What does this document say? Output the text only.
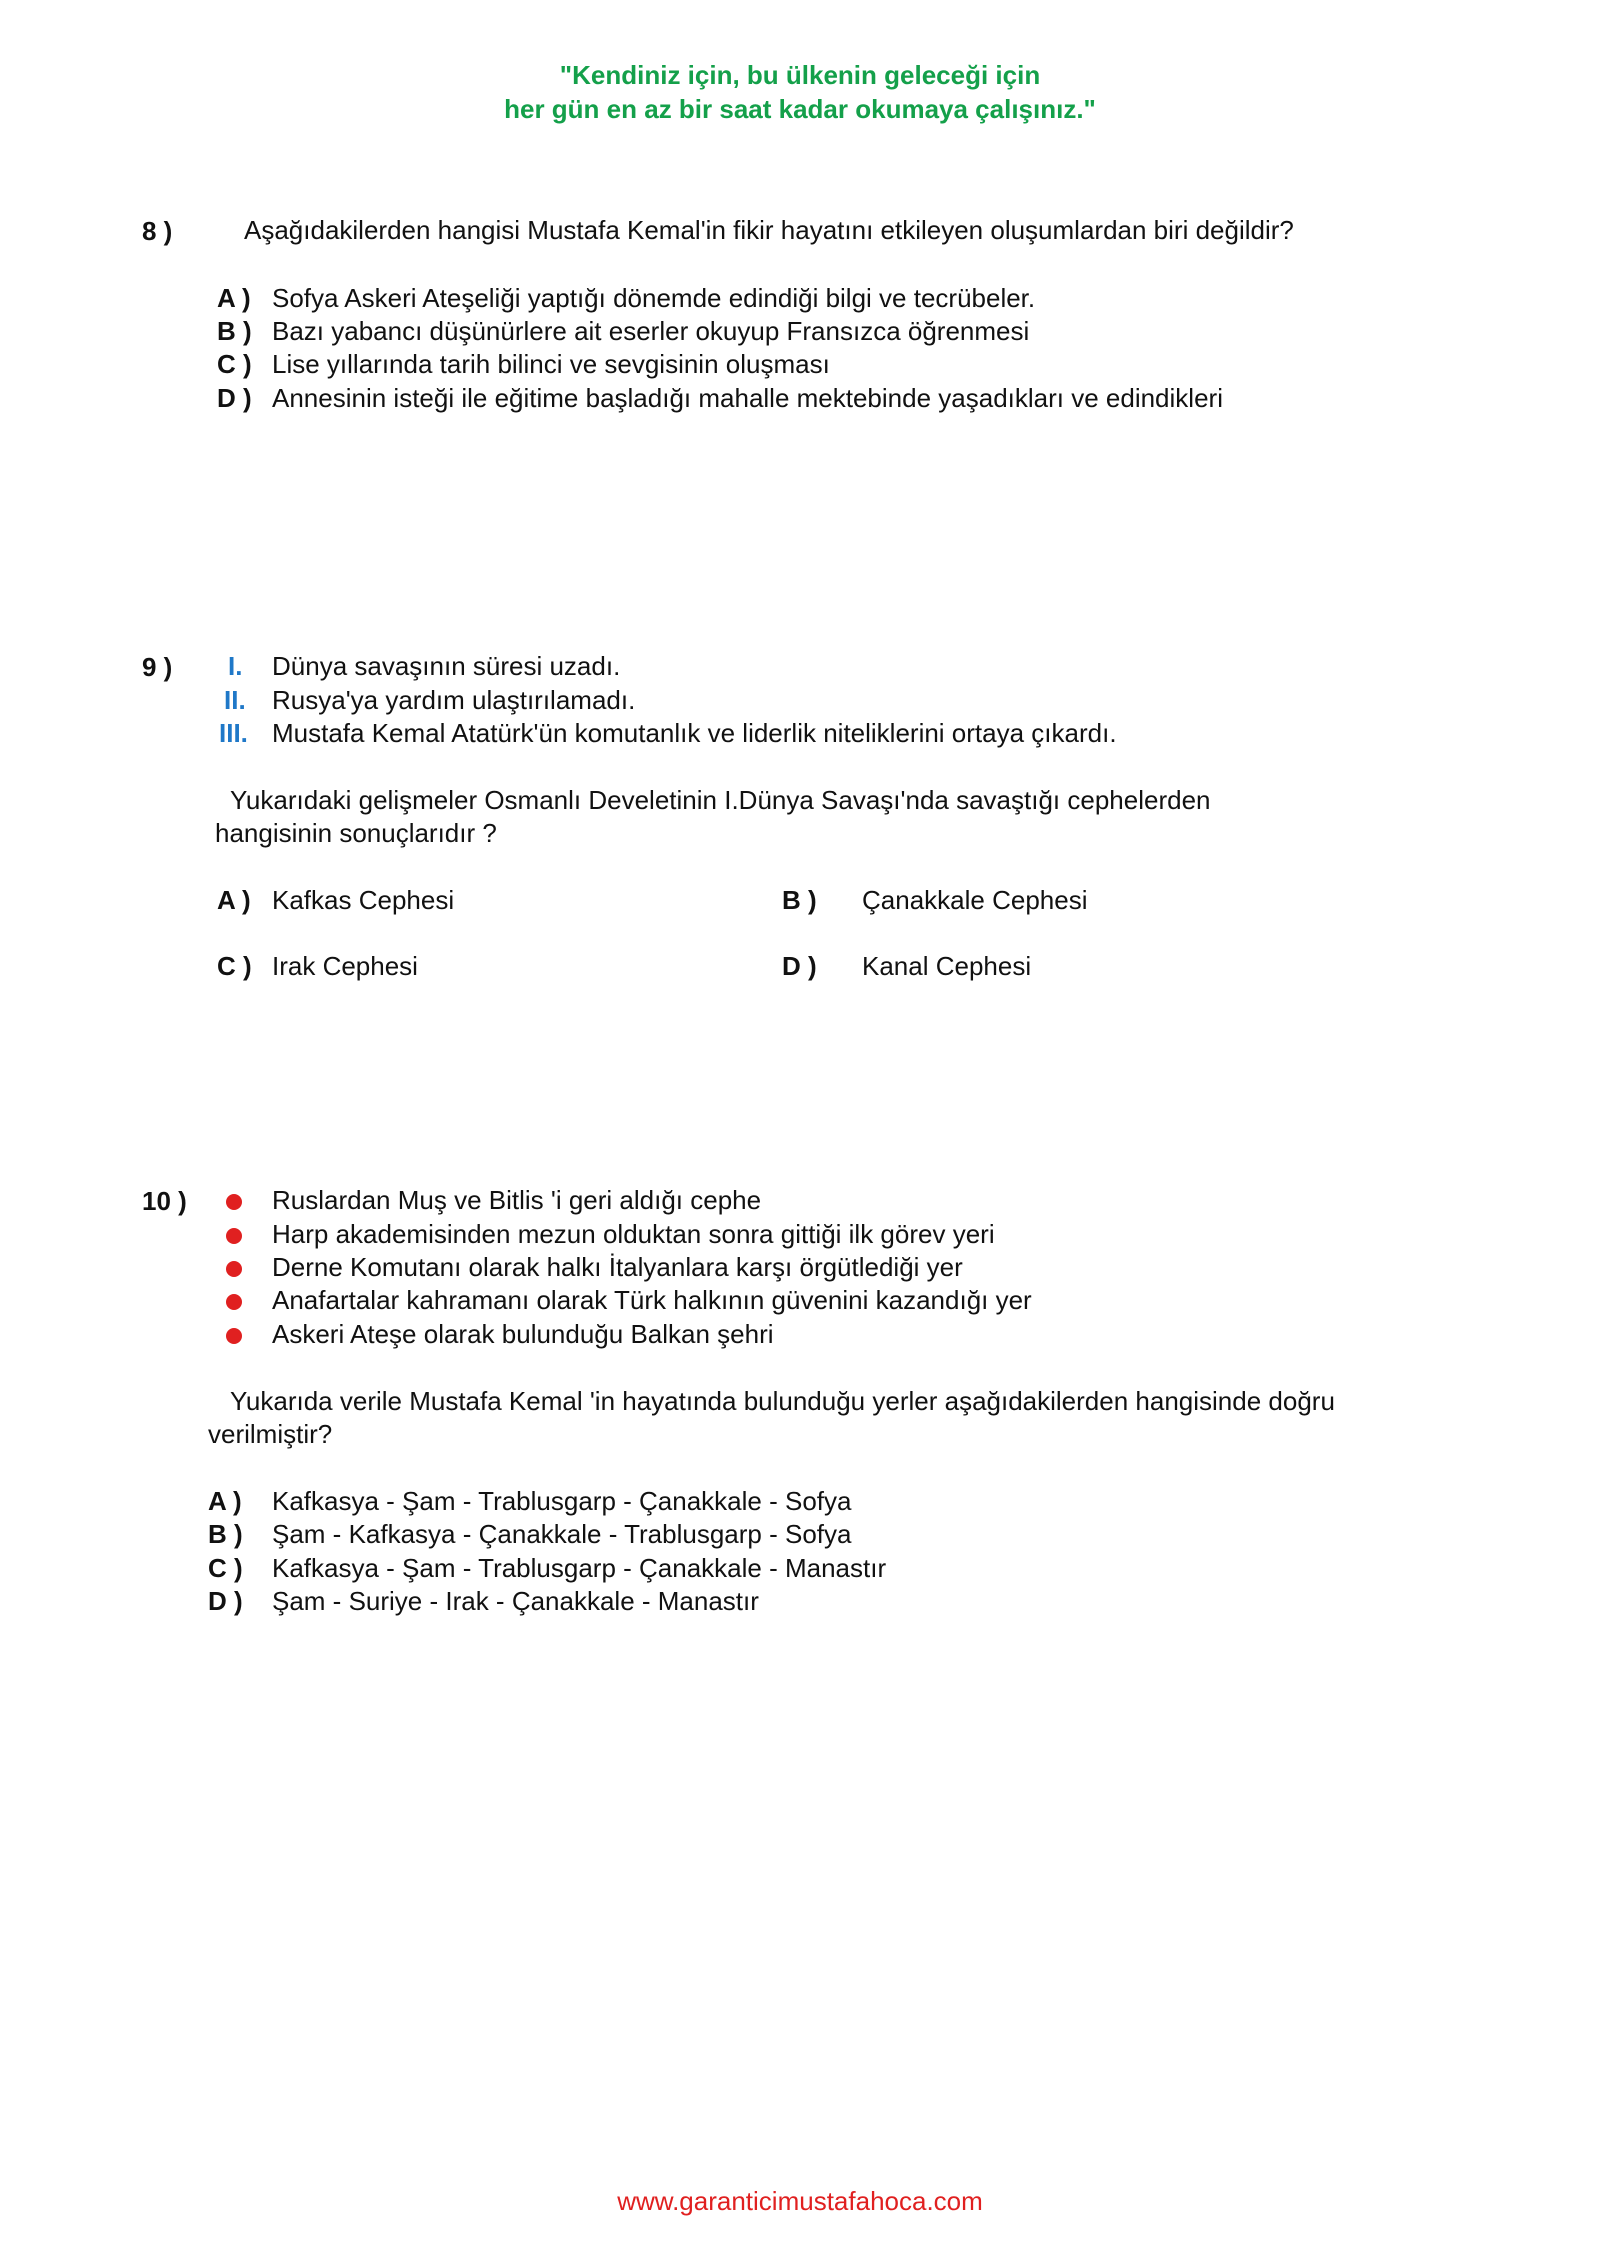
"Kendiniz için, bu ülkenin geleceği için
her gün en az bir saat kadar okumaya çalışınız."
8 )	Aşağıdakilerden hangisi Mustafa Kemal'in fikir hayatını etkileyen oluşumlardan biri değildir?
A ) Sofya Askeri Ateşeliği yaptığı dönemde edindiği bilgi ve tecrübeler.
B ) Bazı yabancı düşünürlere ait eserler okuyup Fransızca öğrenmesi
C ) Lise yıllarında tarih bilinci ve sevgisinin oluşması
D ) Annesinin isteği ile eğitime başladığı mahalle mektebinde yaşadıkları ve edindikleri
9 ) I. Dünya savaşının süresi uzadı.
II. Rusya'ya yardım ulaştırılamadı.
III. Mustafa Kemal Atatürk'ün komutanlık ve liderlik niteliklerini ortaya çıkardı.
Yukarıdaki gelişmeler Osmanlı Develetinin I.Dünya Savaşı'nda savaştığı cephelerden
hangisinin sonuçlarıdır ?
A ) Kafkas Cephesi	B ) Çanakkale Cephesi
C ) Irak Cephesi	D ) Kanal Cephesi
10 )	Ruslardan Muş ve Bitlis 'i geri aldığı cephe
Harp akademisinden mezun olduktan sonra gittiği ilk görev yeri
Derne Komutanı olarak halkı İtalyanlara karşı örgütlediği yer
Anafartalar kahramanı olarak Türk halkının güvenini kazandığı yer
Askeri Ateşe olarak bulunduğu Balkan şehri
Yukarıda verile Mustafa Kemal 'in hayatında bulunduğu yerler aşağıdakilerden hangisinde doğru
verilmiştir?
A ) Kafkasya - Şam - Trablusgarp - Çanakkale - Sofya
B ) Şam - Kafkasya - Çanakkale - Trablusgarp - Sofya
C ) Kafkasya - Şam - Trablusgarp - Çanakkale - Manastır
D ) Şam - Suriye - Irak - Çanakkale - Manastır
www.garanticimustafahoca.com
